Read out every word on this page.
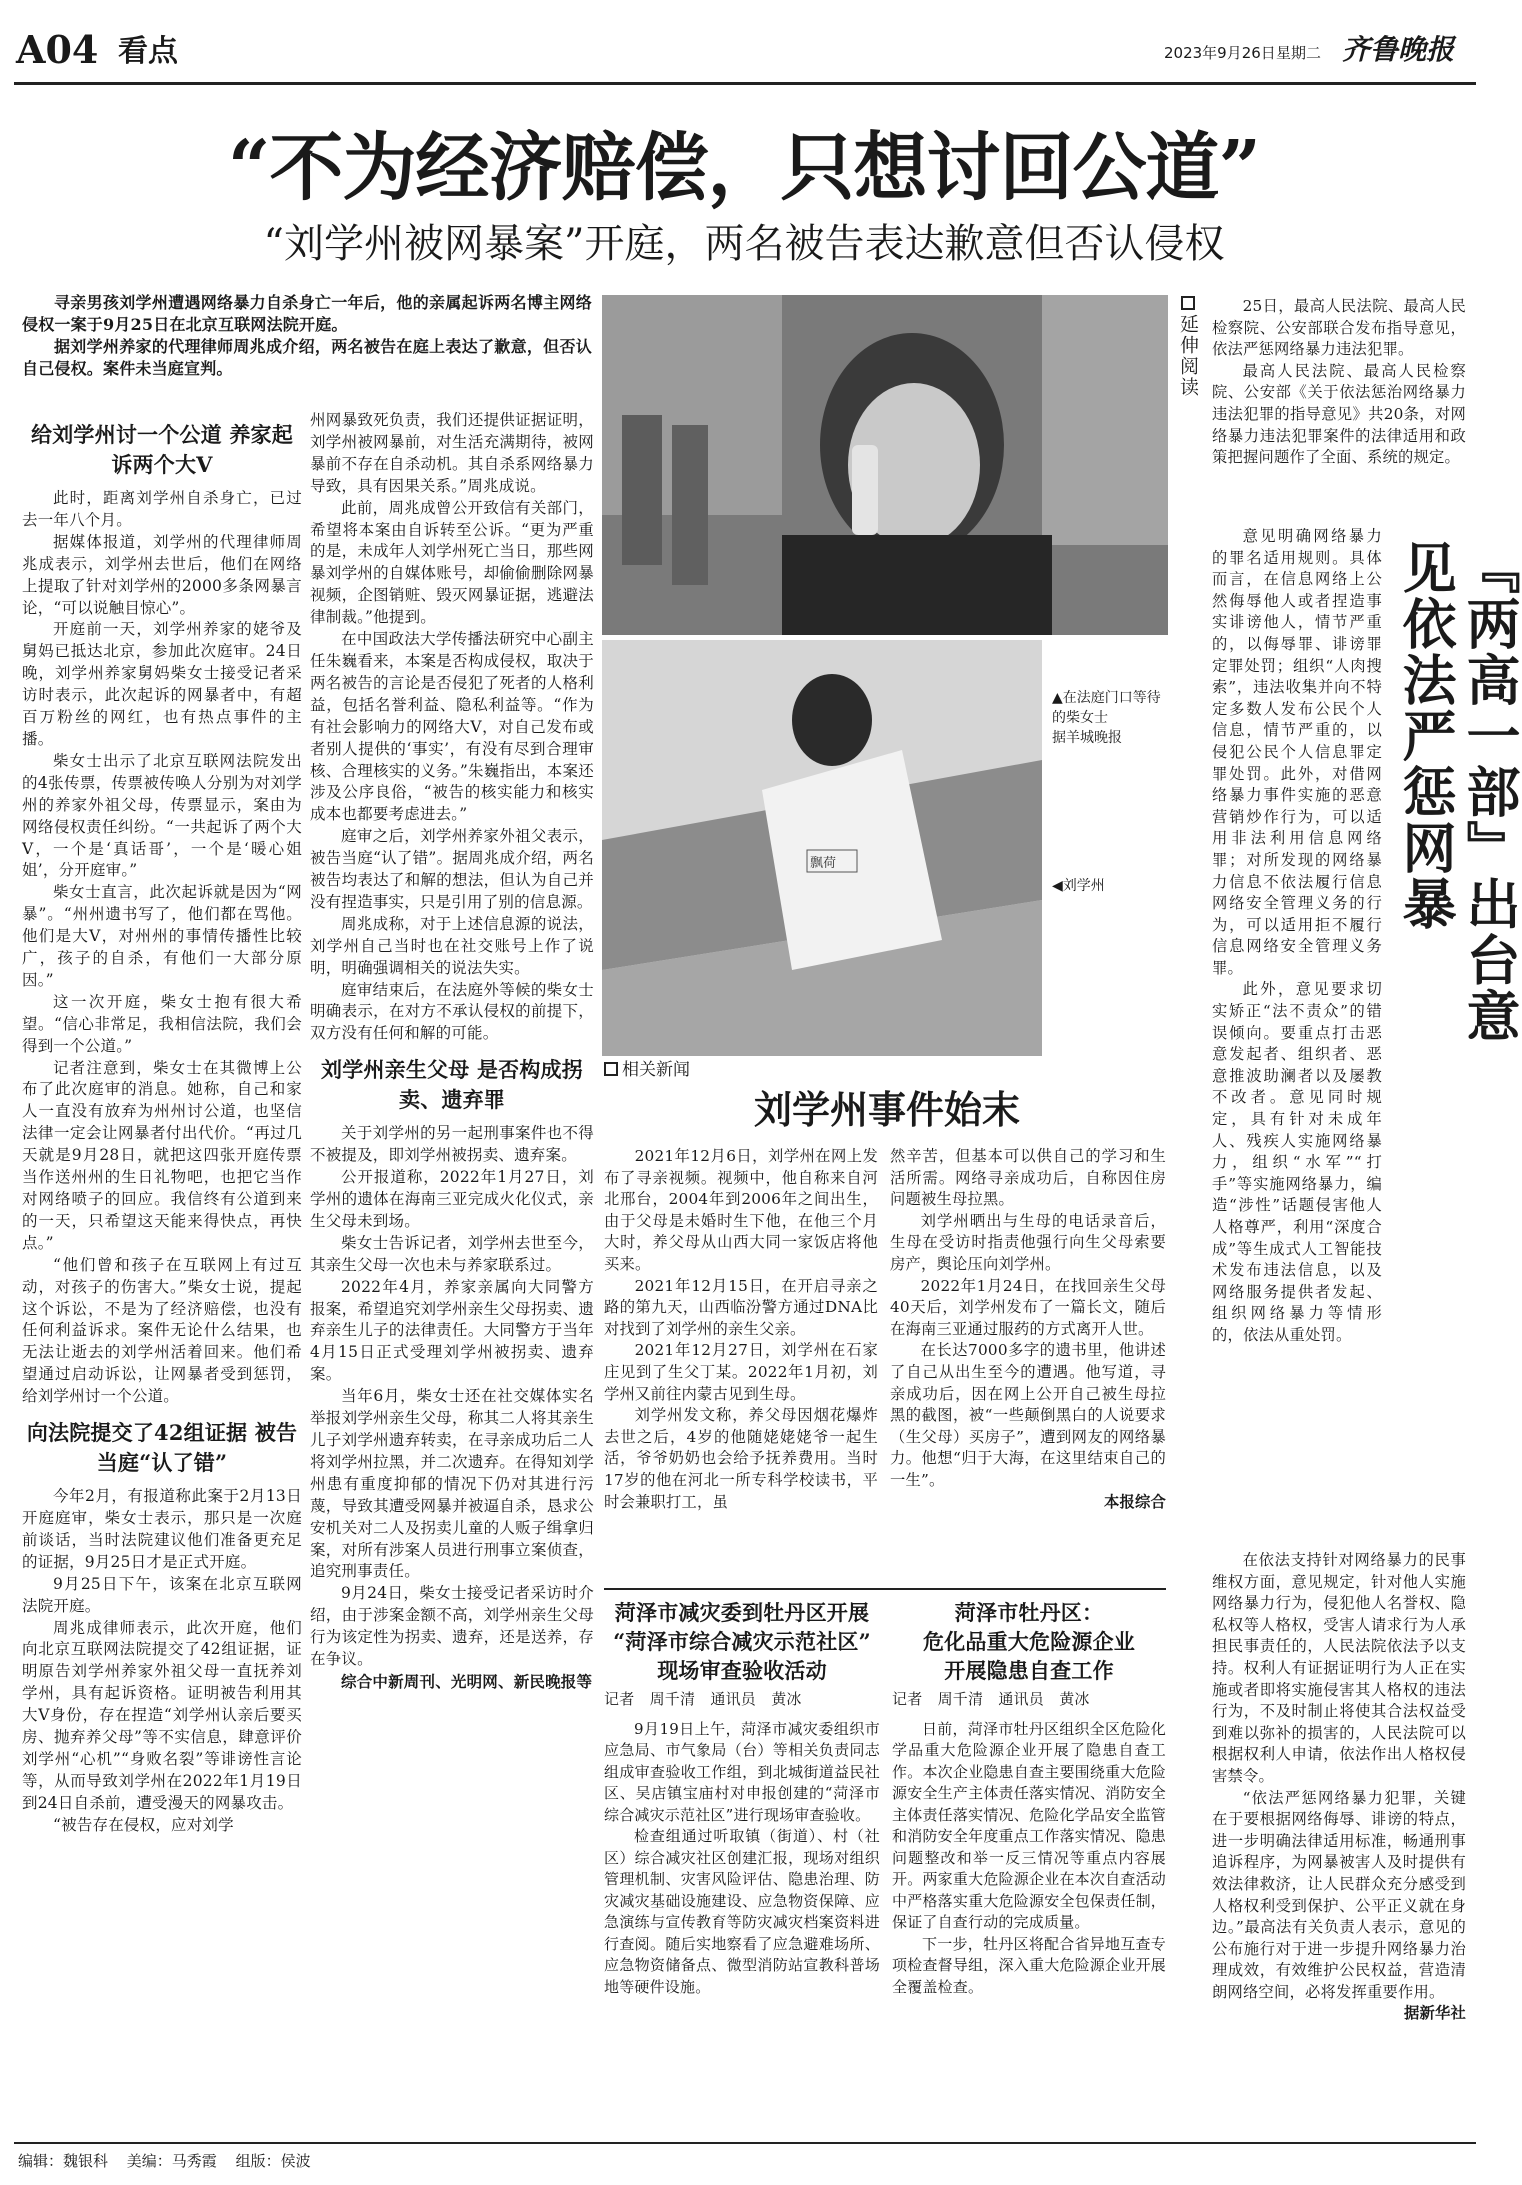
A04 看点	2023年9月26日 星期二 齐鲁晚报
“不为经济赔偿，只想讨回公道”
“刘学州被网暴案”开庭，两名被告表达歉意但否认侵权

寻亲男孩刘学州遭遇网络暴力自杀身亡一年后，他的亲属起诉两名博主网络侵权一案于9月25日在北京互联网法院开庭。

据刘学州养家的代理律师周兆成介绍，两名被告在庭上表达了歉意，但否认自己侵权。案件未当庭宣判。

给刘学州讨一个公道 养家起诉两个大V

此时，距离刘学州自杀身亡，已过去一年八个月。

据媒体报道，刘学州的代理律师周兆成表示，刘学州去世后，他们在网络上提取了针对刘学州的2000多条网暴言论，“可以说触目惊心”。

开庭前一天，刘学州养家的姥爷及舅妈已抵达北京，参加此次庭审。24日晚，刘学州养家舅妈柴女士接受记者采访时表示，此次起诉的网暴者中，有超百万粉丝的网红，也有热点事件的主播。

柴女士出示了北京互联网法院发出的4张传票，传票被传唤人分别为对刘学州的养家外祖父母，传票显示，案由为网络侵权责任纠纷。“一共起诉了两个大V，一个是‘真话哥’，一个是‘暖心姐姐’，分开庭审。”

柴女士直言，此次起诉就是因为“网暴”。“州州遗书写了，他们都在骂他。他们是大V，对州州的事情传播性比较广，孩子的自杀，有他们一大部分原因。”

这一次开庭，柴女士抱有很大希望。“信心非常足，我相信法院，我们会得到一个公道。”

记者注意到，柴女士在其微博上公布了此次庭审的消息。她称，自己和家人一直没有放弃为州州讨公道，也坚信法律一定会让网暴者付出代价。“再过几天就是9月28日，就把这四张开庭传票当作送州州的生日礼物吧，也把它当作对网络喷子的回应。我信终有公道到来的一天，只希望这天能来得快点，再快点。”

“他们曾和孩子在互联网上有过互动，对孩子的伤害大。”柴女士说，提起这个诉讼，不是为了经济赔偿，也没有任何利益诉求。案件无论什么结果，也无法让逝去的刘学州活着回来。他们希望通过启动诉讼，让网暴者受到惩罚，给刘学州讨一个公道。

向法院提交了42组证据 被告当庭“认了错”

今年2月，有报道称此案于2月13日开庭庭审，柴女士表示，那只是一次庭前谈话，当时法院建议他们准备更充足的证据，9月25日才是正式开庭。

9月25日下午，该案在北京互联网法院开庭。

周兆成律师表示，此次开庭，他们向北京互联网法院提交了42组证据，证明原告刘学州养家外祖父母一直抚养刘学州，具有起诉资格。证明被告利用其大V身份，存在捏造“刘学州认亲后要买房、抛弃养父母”等不实信息，肆意评价刘学州“心机”“身败名裂”等诽谤性言论等，从而导致刘学州在2022年1月19日到24日自杀前，遭受漫天的网暴攻击。

“被告存在侵权，应对刘学

州网暴致死负责，我们还提供证据证明，刘学州被网暴前，对生活充满期待，被网暴前不存在自杀动机。其自杀系网络暴力导致，具有因果关系。”周兆成说。

此前，周兆成曾公开致信有关部门，希望将本案由自诉转至公诉。“更为严重的是，未成年人刘学州死亡当日，那些网暴刘学州的自媒体账号，却偷偷删除网暴视频，企图销赃、毁灭网暴证据，逃避法律制裁。”他提到。

在中国政法大学传播法研究中心副主任朱巍看来，本案是否构成侵权，取决于两名被告的言论是否侵犯了死者的人格利益，包括名誉利益、隐私利益等。“作为有社会影响力的网络大V，对自己发布或者别人提供的‘事实’，有没有尽到合理审核、合理核实的义务。”朱巍指出，本案还涉及公序良俗，“被告的核实能力和核实成本也都要考虑进去。”

庭审之后，刘学州养家外祖父表示，被告当庭“认了错”。据周兆成介绍，两名被告均表达了和解的想法，但认为自己并没有捏造事实，只是引用了别的信息源。

周兆成称，对于上述信息源的说法，刘学州自己当时也在社交账号上作了说明，明确强调相关的说法失实。

庭审结束后，在法庭外等候的柴女士明确表示，在对方不承认侵权的前提下，双方没有任何和解的可能。

刘学州亲生父母 是否构成拐卖、遗弃罪

关于刘学州的另一起刑事案件也不得不被提及，即刘学州被拐卖、遗弃案。

公开报道称，2022年1月27日，刘学州的遗体在海南三亚完成火化仪式，亲生父母未到场。

柴女士告诉记者，刘学州去世至今，其亲生父母一次也未与养家联系过。

2022年4月，养家亲属向大同警方报案，希望追究刘学州亲生父母拐卖、遗弃亲生儿子的法律责任。大同警方于当年4月15日正式受理刘学州被拐卖、遗弃案。

当年6月，柴女士还在社交媒体实名举报刘学州亲生父母，称其二人将其亲生儿子刘学州遗弃转卖，在寻亲成功后二人将刘学州拉黑，并二次遗弃。在得知刘学州患有重度抑郁的情况下仍对其进行污蔑，导致其遭受网暴并被逼自杀，恳求公安机关对二人及拐卖儿童的人贩子缉拿归案，对所有涉案人员进行刑事立案侦查，追究刑事责任。

9月24日，柴女士接受记者采访时介绍，由于涉案金额不高，刘学州亲生父母行为该定性为拐卖、遗弃，还是送养，存在争议。

综合中新周刊、光明网、新民晚报等

飘荷
▲在法庭门口等待的柴女士
据羊城晚报
◀刘学州
相关新闻
刘学州事件始末

2021年12月6日，刘学州在网上发布了寻亲视频。视频中，他自称来自河北邢台，2004年到2006年之间出生，由于父母是未婚时生下他，在他三个月大时，养父母从山西大同一家饭店将他买来。

2021年12月15日，在开启寻亲之路的第九天，山西临汾警方通过DNA比对找到了刘学州的亲生父亲。

2021年12月27日，刘学州在石家庄见到了生父丁某。2022年1月初，刘学州又前往内蒙古见到生母。

刘学州发文称，养父母因烟花爆炸去世之后，4岁的他随姥姥姥爷一起生活，爷爷奶奶也会给予抚养费用。当时17岁的他在河北一所专科学校读书，平时会兼职打工，虽

然辛苦，但基本可以供自己的学习和生活所需。网络寻亲成功后，自称因住房问题被生母拉黑。

刘学州晒出与生母的电话录音后，生母在受访时指责他强行向生父母索要房产，舆论压向刘学州。

2022年1月24日，在找回亲生父母40天后，刘学州发布了一篇长文，随后在海南三亚通过服药的方式离开人世。

在长达7000多字的遗书里，他讲述了自己从出生至今的遭遇。他写道，寻亲成功后，因在网上公开自己被生母拉黑的截图，被“一些颠倒黑白的人说要求（生父母）买房子”，遭到网友的网络暴力。他想“归于大海，在这里结束自己的一生”。

本报综合

菏泽市减灾委到牡丹区开展
“菏泽市综合减灾示范社区”
现场审查验收活动
记者　周千清　通讯员　黄冰

9月19日上午，菏泽市减灾委组织市应急局、市气象局（台）等相关负责同志组成审查验收工作组，到北城街道益民社区、吴店镇宝庙村对申报创建的“菏泽市综合减灾示范社区”进行现场审查验收。

检查组通过听取镇（街道）、村（社区）综合减灾社区创建汇报，现场对组织管理机制、灾害风险评估、隐患治理、防灾减灾基础设施建设、应急物资保障、应急演练与宣传教育等防灾减灾档案资料进行查阅。随后实地察看了应急避难场所、应急物资储备点、微型消防站宣教科普场地等硬件设施。

菏泽市牡丹区：
危化品重大危险源企业
开展隐患自查工作
记者　周千清　通讯员　黄冰

日前，菏泽市牡丹区组织全区危险化学品重大危险源企业开展了隐患自查工作。本次企业隐患自查主要围绕重大危险源安全生产主体责任落实情况、消防安全主体责任落实情况、危险化学品安全监管和消防安全年度重点工作落实情况、隐患问题整改和举一反三情况等重点内容展开。两家重大危险源企业在本次自查活动中严格落实重大危险源安全包保责任制，保证了自查行动的完成质量。

下一步，牡丹区将配合省异地互查专项检查督导组，深入重大危险源企业开展全覆盖检查。

延伸阅读

25日，最高人民法院、最高人民检察院、公安部联合发布指导意见，依法严惩网络暴力违法犯罪。

最高人民法院、最高人民检察院、公安部《关于依法惩治网络暴力违法犯罪的指导意见》共20条，对网络暴力违法犯罪案件的法律适用和政策把握问题作了全面、系统的规定。

『两高一部』出台意见依法严惩网暴

意见明确网络暴力的罪名适用规则。具体而言，在信息网络上公然侮辱他人或者捏造事实诽谤他人，情节严重的，以侮辱罪、诽谤罪定罪处罚；组织“人肉搜索”，违法收集并向不特定多数人发布公民个人信息，情节严重的，以侵犯公民个人信息罪定罪处罚。此外，对借网络暴力事件实施的恶意营销炒作行为，可以适用非法利用信息网络罪；对所发现的网络暴力信息不依法履行信息网络安全管理义务的行为，可以适用拒不履行信息网络安全管理义务罪。

此外，意见要求切实矫正“法不责众”的错误倾向。要重点打击恶意发起者、组织者、恶意推波助澜者以及屡教不改者。意见同时规定，具有针对未成年人、残疾人实施网络暴力，组织“水军”“打手”等实施网络暴力，编造“涉性”话题侵害他人人格尊严，利用“深度合成”等生成式人工智能技术发布违法信息，以及网络服务提供者发起、组织网络暴力等情形的，依法从重处罚。

在依法支持针对网络暴力的民事维权方面，意见规定，针对他人实施网络暴力行为，侵犯他人名誉权、隐私权等人格权，受害人请求行为人承担民事责任的，人民法院依法予以支持。权利人有证据证明行为人正在实施或者即将实施侵害其人格权的违法行为，不及时制止将使其合法权益受到难以弥补的损害的，人民法院可以根据权利人申请，依法作出人格权侵害禁令。

“依法严惩网络暴力犯罪，关键在于要根据网络侮辱、诽谤的特点，进一步明确法律适用标准，畅通刑事追诉程序，为网暴被害人及时提供有效法律救济，让人民群众充分感受到人格权利受到保护、公平正义就在身边。”最高法有关负责人表示，意见的公布施行对于进一步提升网络暴力治理成效，有效维护公民权益，营造清朗网络空间，必将发挥重要作用。

据新华社

编辑：魏银科 美编：马秀霞 组版：侯波
